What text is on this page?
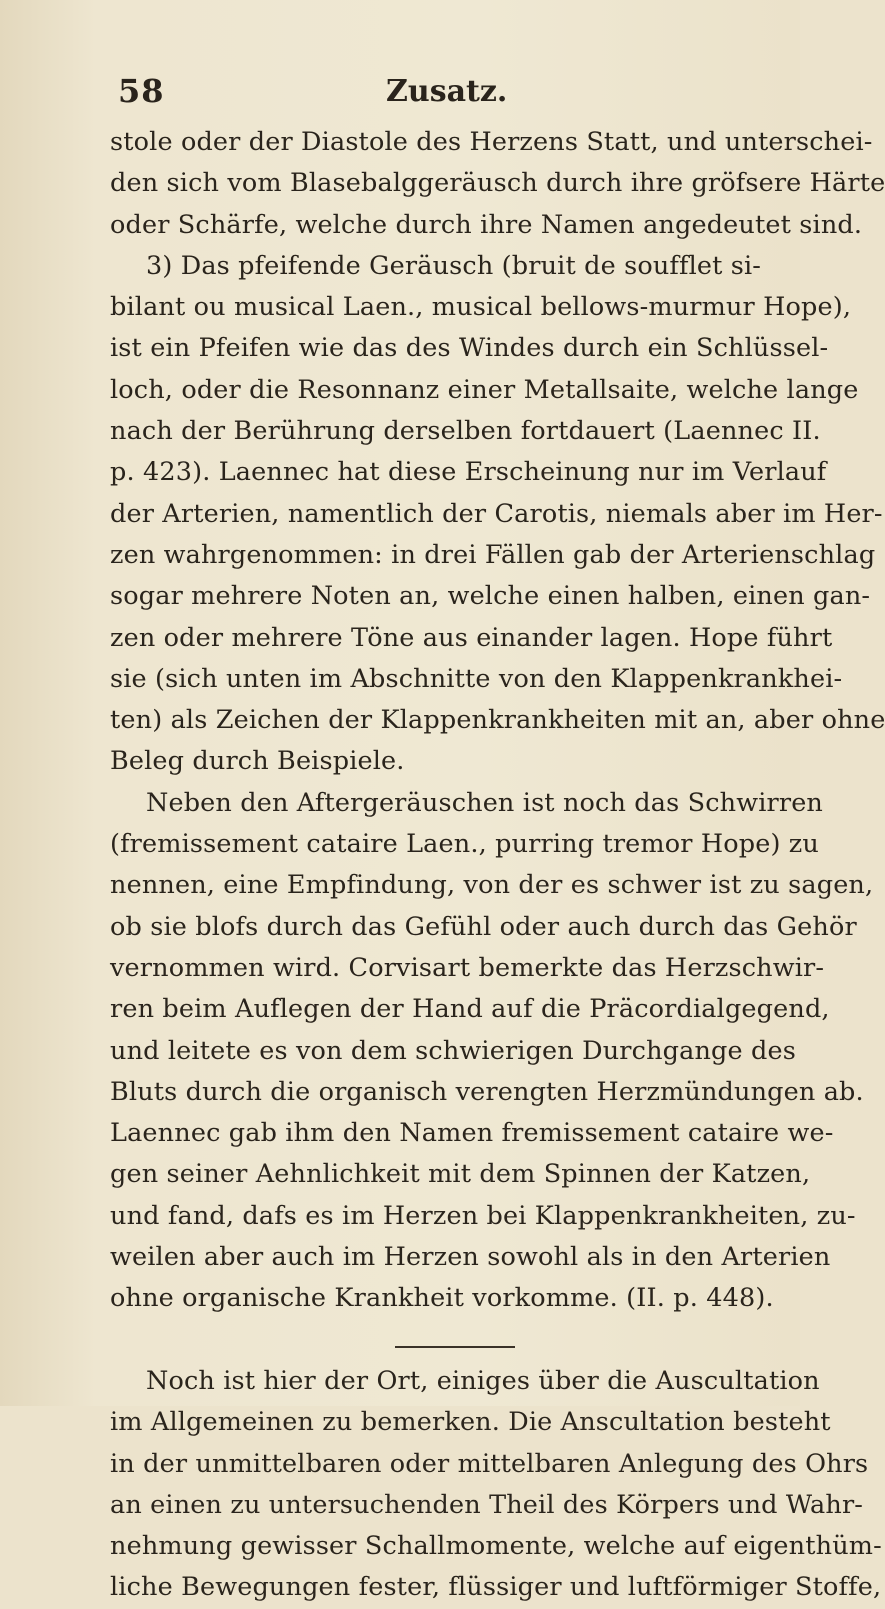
58	Zusatz.
stole oder der Diastole des Herzens Statt, und unterschei-
den sich vom Blasebalggeräusch durch ihre gröfsere Härte
oder Schärfe, welche durch ihre Namen angedeutet sind.
3) Das pfeifende Geräusch (bruit de soufflet si-
bilant ou musical Laen., musical bellows-murmur Hope),
ist ein Pfeifen wie das des Windes durch ein Schlüssel-
loch, oder die Resonnanz einer Metallsaite, welche lange
nach der Berührung derselben fortdauert (Laennec II.
p. 423). Laennec hat diese Erscheinung nur im Verlauf
der Arterien, namentlich der Carotis, niemals aber im Her-
zen wahrgenommen: in drei Fällen gab der Arterienschlag
sogar mehrere Noten an, welche einen halben, einen gan-
zen oder mehrere Töne aus einander lagen. Hope führt
sie (sich unten im Abschnitte von den Klappenkrankhei-
ten) als Zeichen der Klappenkrankheiten mit an, aber ohne
Beleg durch Beispiele.
Neben den Aftergeräuschen ist noch das Schwirren
(fremissement cataire Laen., purring tremor Hope) zu
nennen, eine Empfindung, von der es schwer ist zu sagen,
ob sie blofs durch das Gefühl oder auch durch das Gehör
vernommen wird. Corvisart bemerkte das Herzschwir-
ren beim Auflegen der Hand auf die Präcordialgegend,
und leitete es von dem schwierigen Durchgange des
Bluts durch die organisch verengten Herzmündungen ab.
Laennec gab ihm den Namen fremissement cataire we-
gen seiner Aehnlichkeit mit dem Spinnen der Katzen,
und fand, dafs es im Herzen bei Klappenkrankheiten, zu-
weilen aber auch im Herzen sowohl als in den Arterien
ohne organische Krankheit vorkomme. (II. p. 448).
Noch ist hier der Ort, einiges über die Auscultation
im Allgemeinen zu bemerken. Die Anscultation besteht
in der unmittelbaren oder mittelbaren Anlegung des Ohrs
an einen zu untersuchenden Theil des Körpers und Wahr-
nehmung gewisser Schallmomente, welche auf eigenthüm-
liche Bewegungen fester, flüssiger und luftförmiger Stoffe,
